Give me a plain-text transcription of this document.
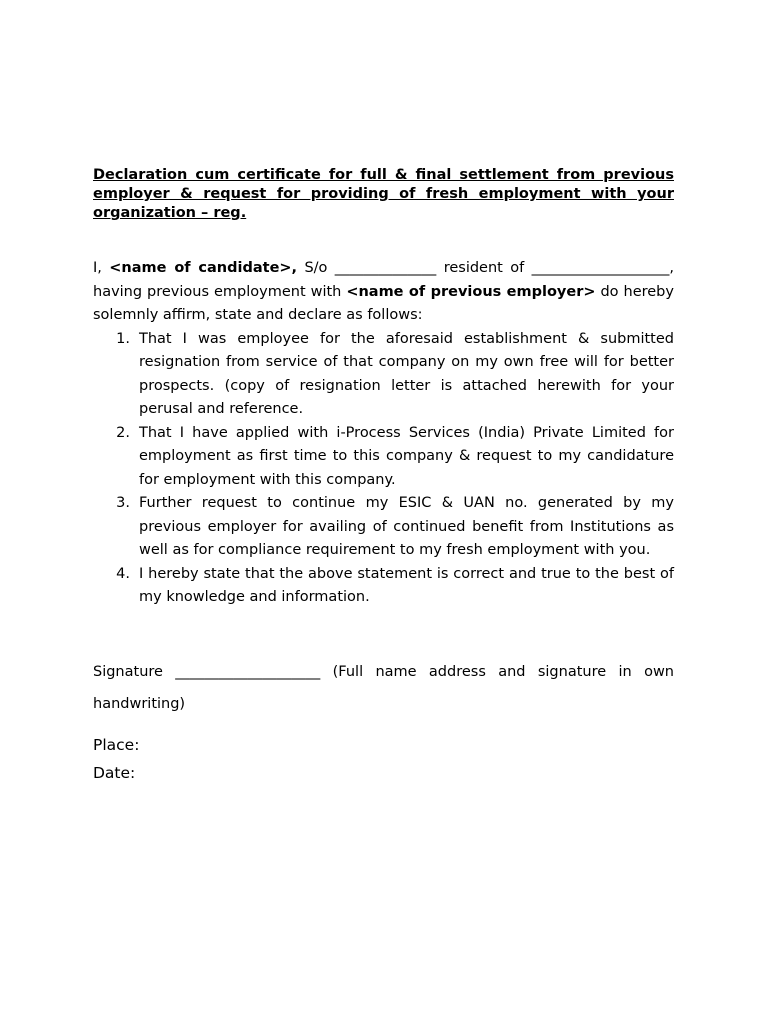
Declaration cum certificate for full & final settlement from previous employer & request for providing of fresh employment with your organization – reg.

I, <name of candidate>, S/o ______________ resident of ___________________, having previous employment with <name of previous employer> do hereby solemnly affirm, state and declare as follows:

1. That I was employee for the aforesaid establishment & submitted resignation from service of that company on my own free will for better prospects. (copy of resignation letter is attached herewith for your perusal and reference.
2. That I have applied with i-Process Services (India) Private Limited for employment as first time to this company & request to my candidature for employment with this company.
3. Further request to continue my ESIC & UAN no. generated by my previous employer for availing of continued benefit from Institutions as well as for compliance requirement to my fresh employment with you.
4. I hereby state that the above statement is correct and true to the best of my knowledge and information.

Signature ____________________ (Full name address and signature in own handwriting)

Place:

Date:
